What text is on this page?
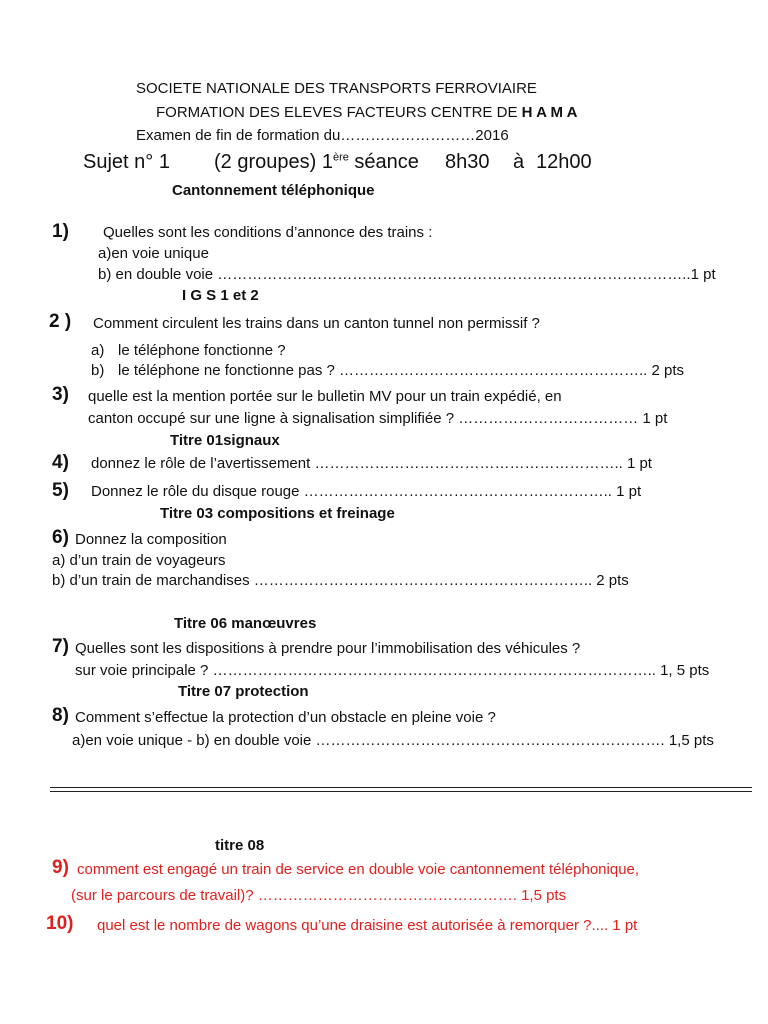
SOCIETE NATIONALE DES TRANSPORTS FERROVIAIRE
FORMATION DES ELEVES FACTEURS CENTRE DE H A M A
Examen de fin de formation du………………………2016
Sujet n° 1 (2 groupes) 1ère séance 8h30 à 12h00
Cantonnement téléphonique
1) Quelles sont les conditions d’annonce des trains :
a)en voie unique
b) en double voie …………………………………………………………………………………..1 pt
I G S 1 et 2
2 ) Comment circulent les trains dans un canton tunnel non permissif ?
a) le téléphone fonctionne ?
b) le téléphone ne fonctionne pas ? …………………………………………………….. 2 pts
3) quelle est la mention portée sur le bulletin MV pour un train expédié, en
canton occupé sur une ligne à signalisation simplifiée ? ……………………………… 1 pt
Titre 01signaux
4) donnez le rôle de l’avertissement …………………………………………………….. 1 pt
5) Donnez le rôle du disque rouge …………………………………………………….. 1 pt
Titre 03 compositions et freinage
6) Donnez la composition
a) d’un train de voyageurs
b) d’un train de marchandises ………………………………………………………….. 2 pts
Titre 06 manœuvres
7) Quelles sont les dispositions à prendre pour l’immobilisation des véhicules ?
sur voie principale ? …………………………………………………………………………….. 1, 5 pts
Titre 07 protection
8) Comment s’effectue la protection d’un obstacle en pleine voie ?
a)en voie unique - b) en double voie ……………………………………………………………. 1,5 pts
titre 08
9) comment est engagé un train de service en double voie cantonnement téléphonique,
(sur le parcours de travail)? ……………………………………………. 1,5 pts
10) quel est le nombre de wagons qu’une draisine est autorisée à remorquer ?.... 1 pt
